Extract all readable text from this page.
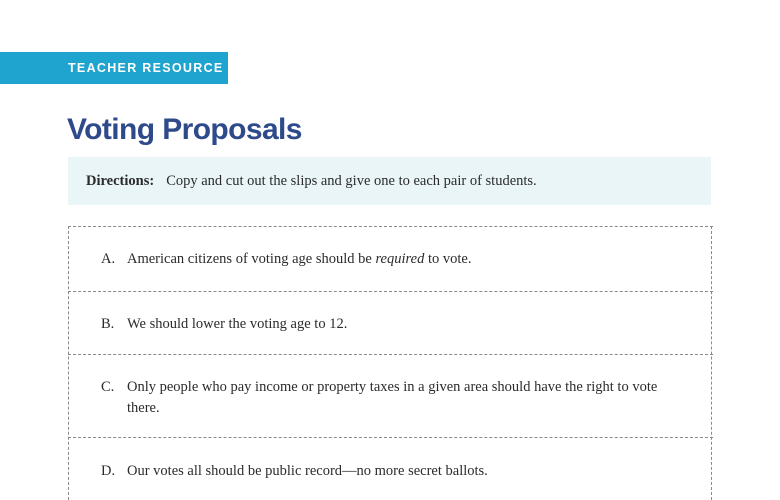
TEACHER RESOURCE
Voting Proposals
Directions: Copy and cut out the slips and give one to each pair of students.
A. American citizens of voting age should be required to vote.
B. We should lower the voting age to 12.
C. Only people who pay income or property taxes in a given area should have the right to vote there.
D. Our votes all should be public record—no more secret ballots.
